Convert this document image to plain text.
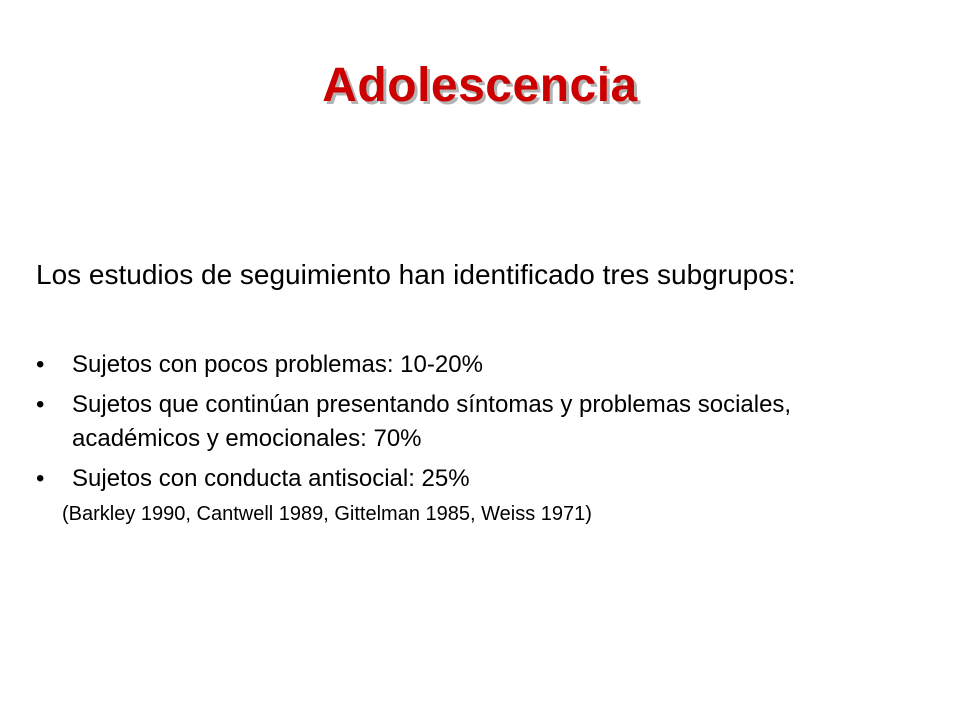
Adolescencia

Los estudios de seguimiento han identificado tres subgrupos:

•	Sujetos con pocos problemas: 10-20%
•	Sujetos que continúan presentando síntomas y problemas sociales, académicos y emocionales: 70%
•	Sujetos con conducta antisocial: 25%
(Barkley 1990, Cantwell 1989, Gittelman 1985, Weiss 1971)
